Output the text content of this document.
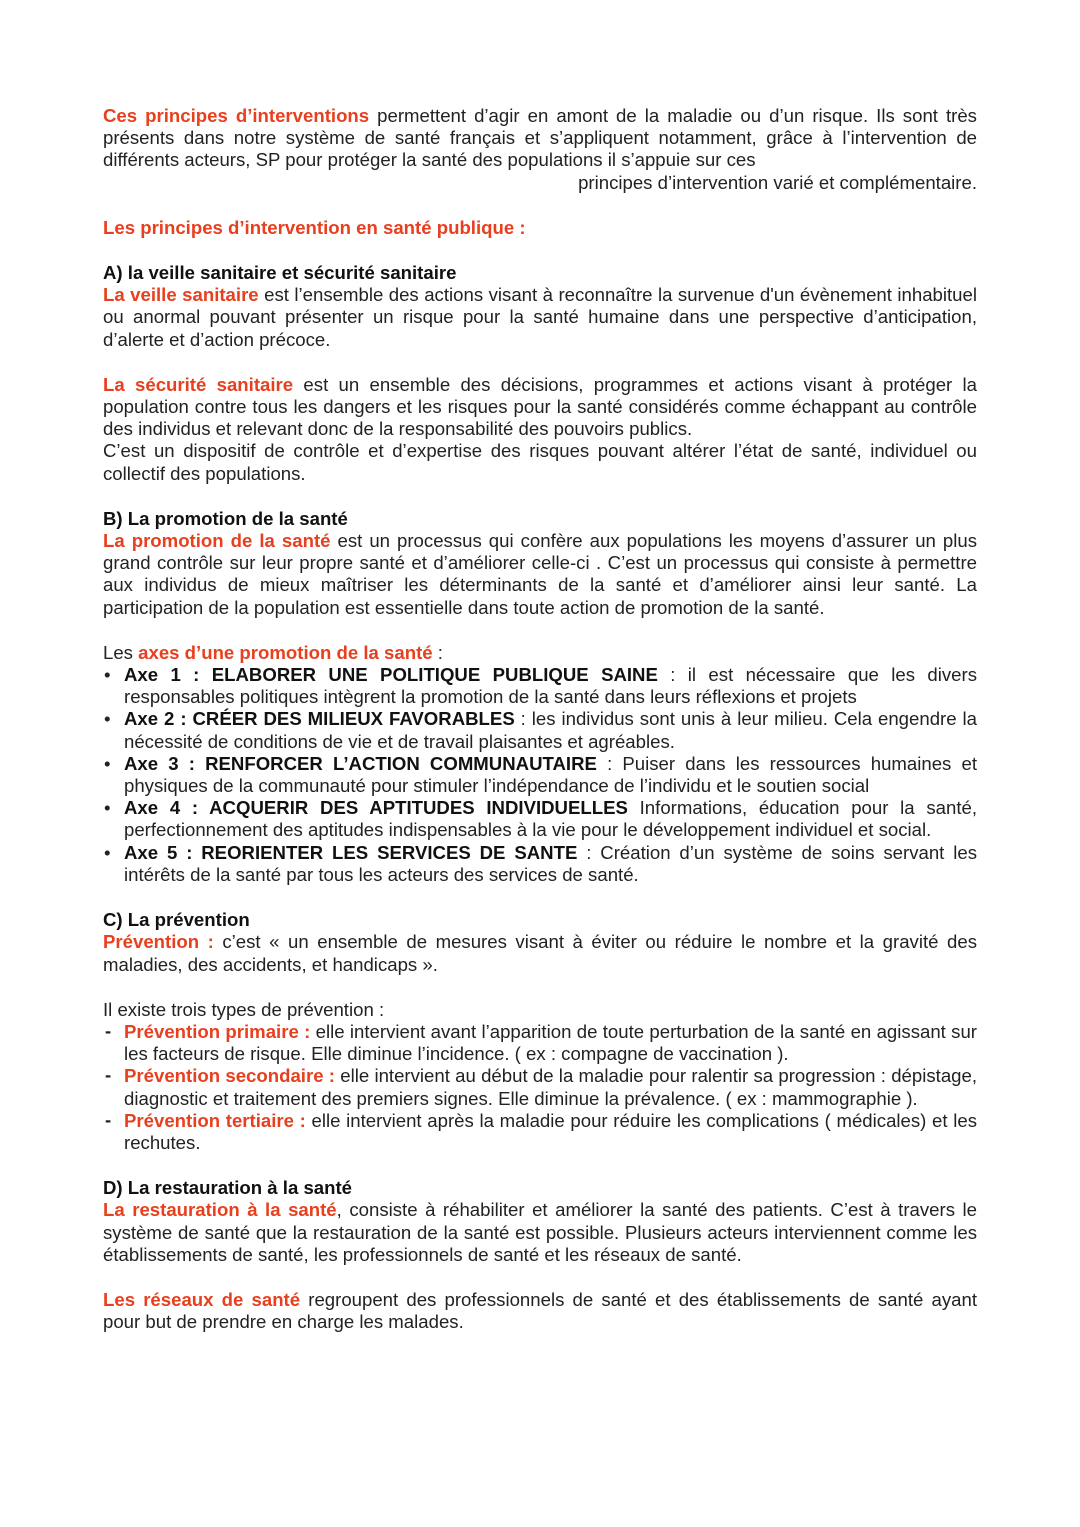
Ces principes d’interventions permettent d’agir en amont de la maladie ou d’un risque. Ils sont très présents dans notre système de santé français et s’appliquent notamment, grâce à l’intervention de différents acteurs, SP pour protéger la santé des populations il s’appuie sur ces

principes d’intervention varié et complémentaire.

Les principes d’intervention en santé publique :

A) la veille sanitaire et sécurité sanitaire

La veille sanitaire est l’ensemble des actions visant à reconnaître la survenue d'un évènement inhabituel ou anormal pouvant présenter un risque pour la santé humaine dans une perspective d’anticipation, d’alerte et d’action précoce.

La sécurité sanitaire est un ensemble des décisions, programmes et actions visant à protéger la population contre tous les dangers et les risques pour la santé considérés comme échappant au contrôle des individus et relevant donc de la responsabilité des pouvoirs publics.

C’est un dispositif de contrôle et d’expertise des risques pouvant altérer l’état de santé, individuel ou collectif des populations.

B) La promotion de la santé

La promotion de la santé est un processus qui confère aux populations les moyens d’assurer un plus grand contrôle sur leur propre santé et d’améliorer celle-ci . C’est un processus qui consiste à permettre aux individus de mieux maîtriser les déterminants de la santé et d’améliorer ainsi leur santé. La participation de la population est essentielle dans toute action de promotion de la santé.

Les axes d’une promotion de la santé :

• Axe 1 : ELABORER UNE POLITIQUE PUBLIQUE SAINE : il est nécessaire que les divers responsables politiques intègrent la promotion de la santé dans leurs réflexions et projets
• Axe 2 : CRÉER DES MILIEUX FAVORABLES : les individus sont unis à leur milieu. Cela engendre la nécessité de conditions de vie et de travail plaisantes et agréables.
• Axe 3 : RENFORCER L’ACTION COMMUNAUTAIRE : Puiser dans les ressources humaines et physiques de la communauté pour stimuler l’indépendance de l’individu et le soutien social
• Axe 4 : ACQUERIR DES APTITUDES INDIVIDUELLES Informations, éducation pour la santé, perfectionnement des aptitudes indispensables à la vie pour le développement individuel et social.
• Axe 5 : REORIENTER LES SERVICES DE SANTE : Création d’un système de soins servant les intérêts de la santé par tous les acteurs des services de santé.

C) La prévention

Prévention : c’est « un ensemble de mesures visant à éviter ou réduire le nombre et la gravité des maladies, des accidents, et handicaps ».

Il existe trois types de prévention :

- Prévention primaire : elle intervient avant l’apparition de toute perturbation de la santé en agissant sur les facteurs de risque. Elle diminue l’incidence. ( ex : compagne de vaccination ).
- Prévention secondaire : elle intervient au début de la maladie pour ralentir sa progression : dépistage, diagnostic et traitement des premiers signes. Elle diminue la prévalence. ( ex : mammographie ).
- Prévention tertiaire : elle intervient après la maladie pour réduire les complications ( médicales) et les rechutes.

D) La restauration à la santé

La restauration à la santé, consiste à réhabiliter et améliorer la santé des patients. C’est à travers le système de santé que la restauration de la santé est possible. Plusieurs acteurs interviennent comme les établissements de santé, les professionnels de santé et les réseaux de santé.

Les réseaux de santé regroupent des professionnels de santé et des établissements de santé ayant pour but de prendre en charge les malades.
